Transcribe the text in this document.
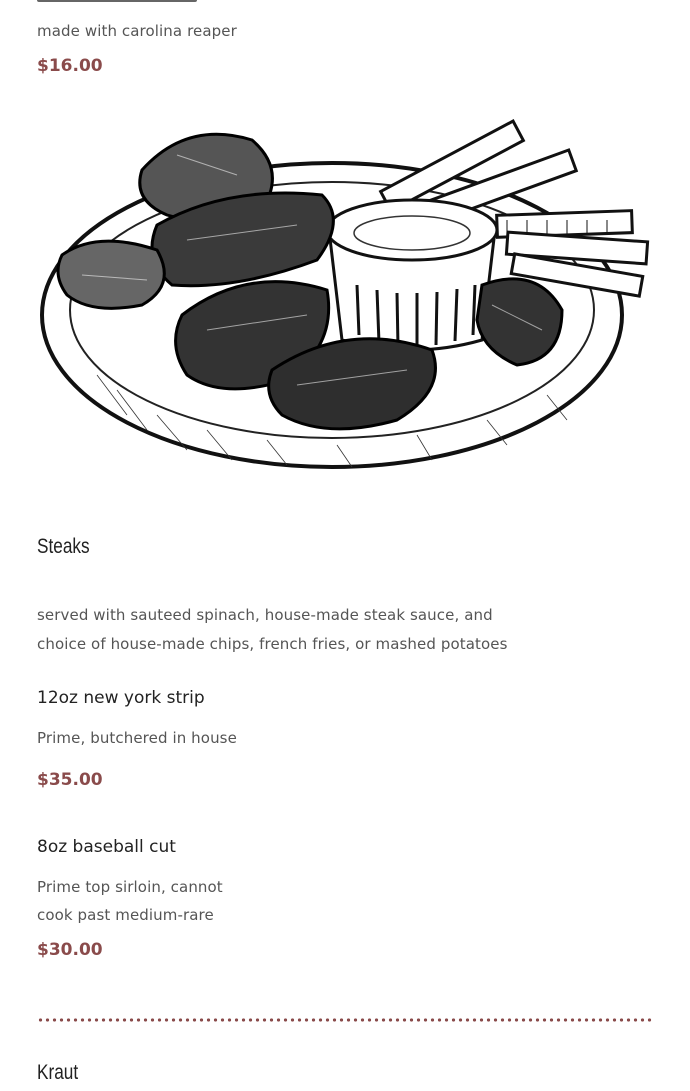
made with carolina reaper
$16.00
Steaks
served with sauteed spinach, house-made steak sauce, and
choice of house-made chips, french fries, or mashed potatoes
12oz new york strip
Prime, butchered in house
$35.00
8oz baseball cut
Prime top sirloin, cannot
cook past medium-rare
$30.00
Kraut
